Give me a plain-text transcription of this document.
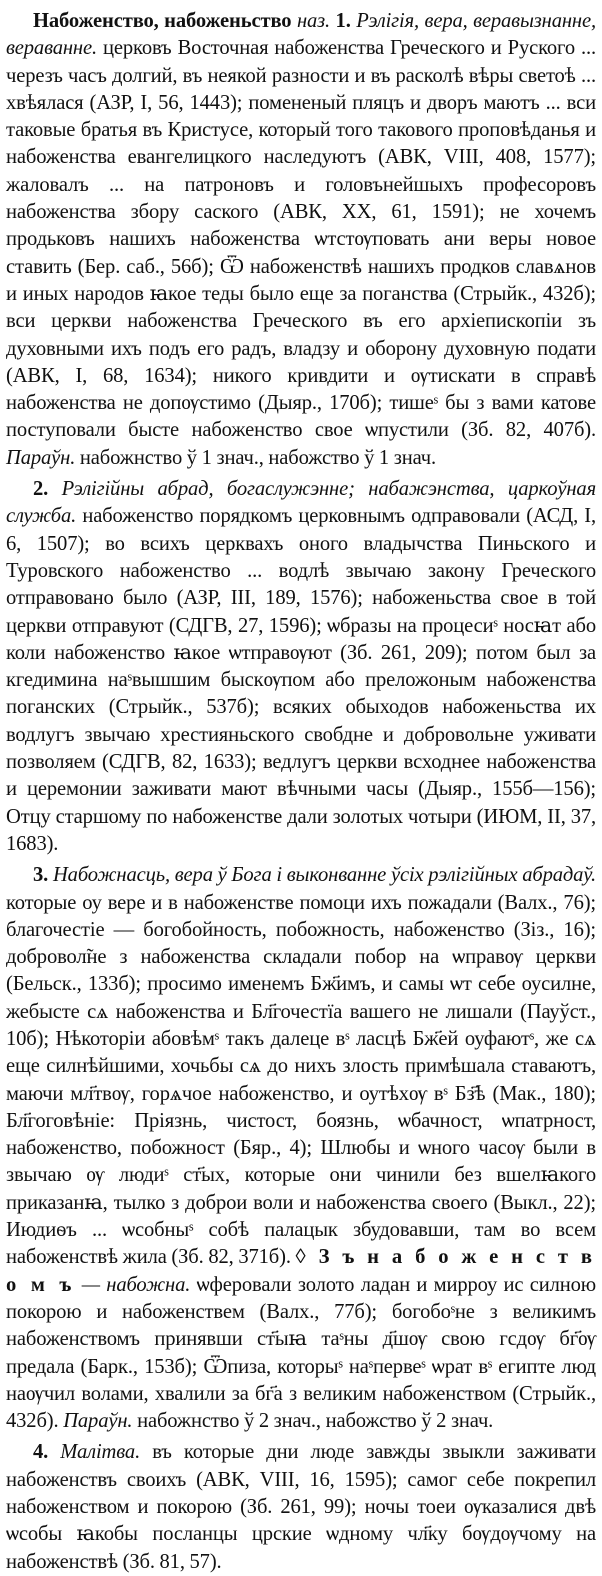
Набоженство, набоженьство наз. 1. Рэлігія, вера, веравызнанне, вераванне. церковъ Восточная набоженства Греческого и Руского ... черезъ часъ долгий, въ неякой разности и въ расколѣ вѣры светоѣ ... хвѣялася (АЗР, I, 56, 1443); помененый пляцъ и дворъ маютъ ... вси таковые братья въ Кристусе, который того такового проповѣданья и набоженства евангелицкого наследуютъ (АВК, VIII, 408, 1577); жаловалъ ... на патроновъ и головънейшыхъ професоровъ набоженства збору саского (АВК, XX, 61, 1591); не хочемъ продьковъ нашихъ набоженства ѡтстѹповать ани веры новое ставить (Бер. саб., 56б); Ѿ набоженствѣ нашихъ продков славѧнов и иных народов ꙗкое теды было еще за поганства (Стрыйк., 432б); вси церкви набоженства Греческого въ его архіепископіи зъ духовными ихъ подъ его радъ, владзу и оборону духовную подати (АВК, I, 68, 1634); никого кривдити и ѹтискати в справѣ набоженства не допѹстимо (Дыяр., 170б); тишеˢ бы з вами катове поступовали бысте набоженство свое ѡпустили (Зб. 82, 407б). Параўн. набожнство ў 1 знач., набожство ў 1 знач.

2. Рэлігійны абрад, богаслужэнне; набажэнства, царкоўная служба. набоженство порядкомъ церковнымъ одправовали (АСД, I, 6, 1507); во всихъ церквахъ оного владычства Пиньского и Туровского набоженство ... водлѣ звычаю закону Греческого отправовано было (АЗР, III, 189, 1576); набоженьства свое в той церкви отправуют (СДГВ, 27, 1596); ѡбразы на процесиˢ носꙗт або коли набоженство ꙗкое ѡтправѹют (Зб. 261, 209); потом был за кгедимина наˢвышшим быскѹпом або преложоным набоженства поганских (Стрыйк., 537б); всяких обыходов набоженьства их водлугъ звычаю хрестияньского свобдне и добровольне уживати позволяем (СДГВ, 82, 1633); ведлугъ церкви всходнее набоженства и церемонии заживати мают вѣчными часы (Дыяр., 155б—156); Отцу старшому по набоженстве дали золотых чотыри (ИЮМ, II, 37, 1683).

3. Набожнасць, вера ў Бога і выконванне ўсіх рэлігійных абрадаў. которые оу вере и в набоженстве помоци ихъ пожадали (Валх., 76); благочестіе — богобойность, побожность, набоженство (Зіз., 16); добровол̃не з набоженства складали побор на ѡправѹ церкви (Бельск., 133б); просимо именемъ Бж҃имъ, и самы ѡт себе оусилне, жебысте сѧ набоженства и Бл҃гочестїа вашего не лишали (Пауўст., 10б); Нѣкоторіи абовѣмˢ такъ далеце вˢ ласцѣ Бж҃ей оуфаютˢ, же сѧ еще силнѣйшими, хочьбы сѧ до нихъ злость примѣшала ставаютъ, маючи мл҃твѹ, горѧчое набоженство, и оутѣхѹ вˢ Бз҃ѣ (Мак., 180); Бл҃гоговѣніе: Пріязнь, чистост, боязнь, ѡбачност, ѡпатрност, набоженство, побожност (Бяр., 4); Шлюбы и ѡного часѹ были в звычаю ѹ людиˢ ст҃ых, которые они чинили без вшелꙗкого приказанꙗ, тылко з доброи воли и набоженства своего (Выкл., 22); Июдиѳъ ... ѡсобныˢ собѣ палацык збудовавши, там во всем набоженствѣ жила (Зб. 82, 371б). ◊ З ъ н а б о ж е н с т в о м ъ — набожна. ѡферовали золото ладан и мирроу ис силною покорою и набоженствем (Валх., 77б); богобоˢне з великимъ набоженствомъ принявши ст҃ыꙗ таˢны д҃шѹ свою гсдѹ бг҃ѹ предала (Барк., 153б); Ѿпиза, которыˢ наˢпервеˢ ѡрат вˢ египте люд наѹчил волами, хвалили за бг҃а з великим набоженством (Стрыйк., 432б). Параўн. набожнство ў 2 знач., набожство ў 2 знач.

4. Малітва. въ которые дни люде завжды звыкли заживати набоженствъ своихъ (АВК, VIII, 16, 1595); самог себе покрепил набоженством и покорою (Зб. 261, 99); ночы тоеи ѹказалися двѣ ѡсобы ꙗкобы посланцы црские ѡдному чл҃ку бѹдѹчому на набоженствѣ (Зб. 81, 57).
